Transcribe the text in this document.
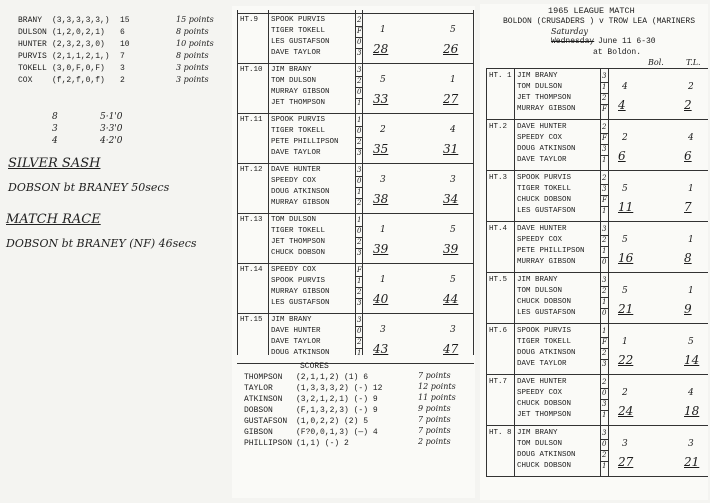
BRANY (3,3,3,3,3,) 15	15 points
DULSON (1,2,0,2,1) 6	8 points
HUNTER (2,3,2,3,0) 10	10 points
PURVIS (2,1,1,2,1,) 7	8 points
TOKELL (3,0,F,0,F) 3	3 points
COX (f,2,f,0,f) 2	3 points
8	5·1'0
3	3·3'0
4	4·2'0
SILVER SASH
DOBSON bt BRANEY 50secs
MATCH RACE
DOBSON bt BRANEY (NF) 46secs
HT.9 SPOOK PURVIS	2
TIGER TOKELL	F
LES GUSTAFSON	0
DAVE TAYLOR	3
1	5
28	26
HT.10 JIM BRANY	3
TOM DULSON	2
MURRAY GIBSON	0
JET THOMPSON	1
5	1
33	27
HT.11 SPOOK PURVIS	1
TIGER TOKELL	0
PETE PHILLIPSON	2
DAVE TAYLOR	3
2	4
35	31
HT.12 DAVE HUNTER	3
SPEEDY COX	0
DOUG ATKINSON	1
MURRAY GIBSON	2
3	3
38	34
HT.13 TOM DULSON	1
TIGER TOKELL	0
JET THOMPSON	2
CHUCK DOBSON	3
1	5
39	39
HT.14 SPEEDY COX	F
SPOOK PURVIS	1
MURRAY GIBSON	2
LES GUSTAFSON	3
1	5
40	44
HT.15 JIM BRANY	3
DAVE HUNTER	0
DAVE TAYLOR	2
DOUG ATKINSON	1
3	3
43	47
SCORES
THOMPSON (2,1,1,2) (1) 6	7 points
TAYLOR	(1,3,3,3,2) (-) 12	12 points
ATKINSON (3,2,1,2,1) (-) 9	11 points
DOBSON	(F,1,3,2,3) (-) 9	9 points
GUSTAFSON (1,0,2,2) (2) 5	7 points
GIBSON	(F?0,0,1,3) (—) 4	7 points
PHILLIPSON (1,1) (-) 2	2 points
1965 LEAGUE MATCH
BOLDON (CRUSADERS ) v TROW LEA (MARINERS
Saturday
Wednesday June 11 6-30
at Boldon.
Bol.	T.L.
HT. 1 JIM BRANY	3
TOM DULSON	1
JET THOMPSON	2
MURRAY GIBSON	F
4	2
4	2
HT.2 DAVE HUNTER	2
SPEEDY COX	F
DOUG ATKINSON	3
DAVE TAYLOR	1
2	4
6	6
HT.3 SPOOK PURVIS	2
TIGER TOKELL	3
CHUCK DOBSON	F
LES GUSTAFSON	1
5	1
11	7
HT.4 DAVE HUNTER	3
SPEEDY COX	2
PETE PHILLIPSON 1
MURRAY GIBSON	0
5	1
16	8
HT.5 JIM BRANY	3
TOM DULSON	2
CHUCK DOBSON	1
LES GUSTAFSON	0
5	1
21	9
HT.6 SPOOK PURVIS	1
TIGER TOKELL	F
DOUG ATKINSON	2
DAVE TAYLOR	3
1	5
22	14
HT.7 DAVE HUNTER	2
SPEEDY COX	0
CHUCK DOBSON	3
JET THOMPSON	1
2	4
24	18
HT. 8 JIM BRANY	3
TOM DULSON	0
DOUG ATKINSON	2
CHUCK DOBSON	1
3	3
27	21
